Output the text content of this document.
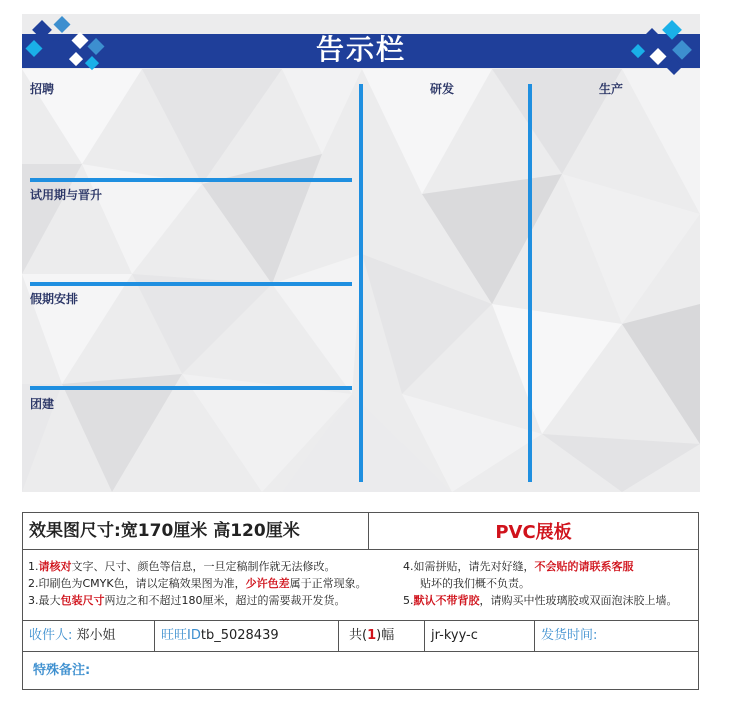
告示栏
招聘
试用期与晋升
假期安排
团建
研发	生产
效果图尺寸:宽170厘米 高120厘米	PVC展板
1.请核对文字、尺寸、颜色等信息，一旦定稿制作就无法修改。
2.印刷色为CMYK色，请以定稿效果图为准，少许色差属于正常现象。
3.最大包装尺寸两边之和不超过180厘米，超过的需要裁开发货。
4.如需拼贴，请先对好缝，不会贴的请联系客服
贴坏的我们概不负责。
5.默认不带背胶，请购买中性玻璃胶或双面泡沫胶上墙。
收件人: 郑小姐	旺旺IDtb_5028439	共(1)幅	jr-kyy-c	发货时间:
特殊备注:
